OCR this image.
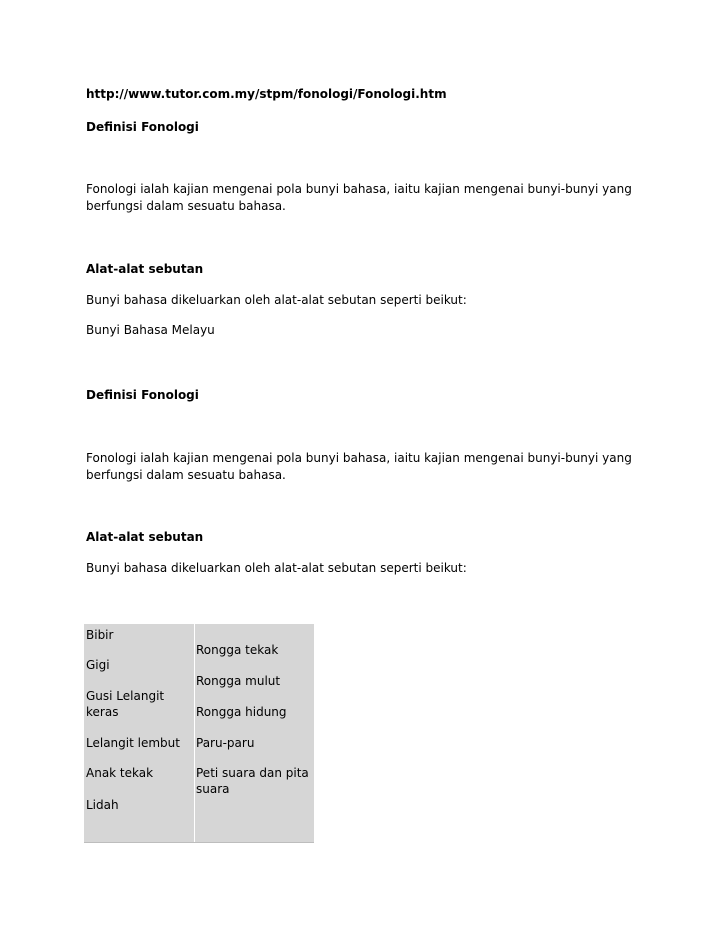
http://www.tutor.com.my/stpm/fonologi/Fonologi.htm
Definisi Fonologi
Fonologi ialah kajian mengenai pola bunyi bahasa, iaitu kajian mengenai bunyi-bunyi yang berfungsi dalam sesuatu bahasa.
Alat-alat sebutan
Bunyi bahasa dikeluarkan oleh alat-alat sebutan seperti beikut:
Bunyi Bahasa Melayu
Definisi Fonologi
Fonologi ialah kajian mengenai pola bunyi bahasa, iaitu kajian mengenai bunyi-bunyi yang berfungsi dalam sesuatu bahasa.
Alat-alat sebutan
Bunyi bahasa dikeluarkan oleh alat-alat sebutan seperti beikut:
Bibir
Gigi
Gusi Lelangit keras
Lelangit lembut
Anak tekak
Lidah
Rongga tekak
Rongga mulut
Rongga hidung
Paru-paru
Peti suara dan pita suara
